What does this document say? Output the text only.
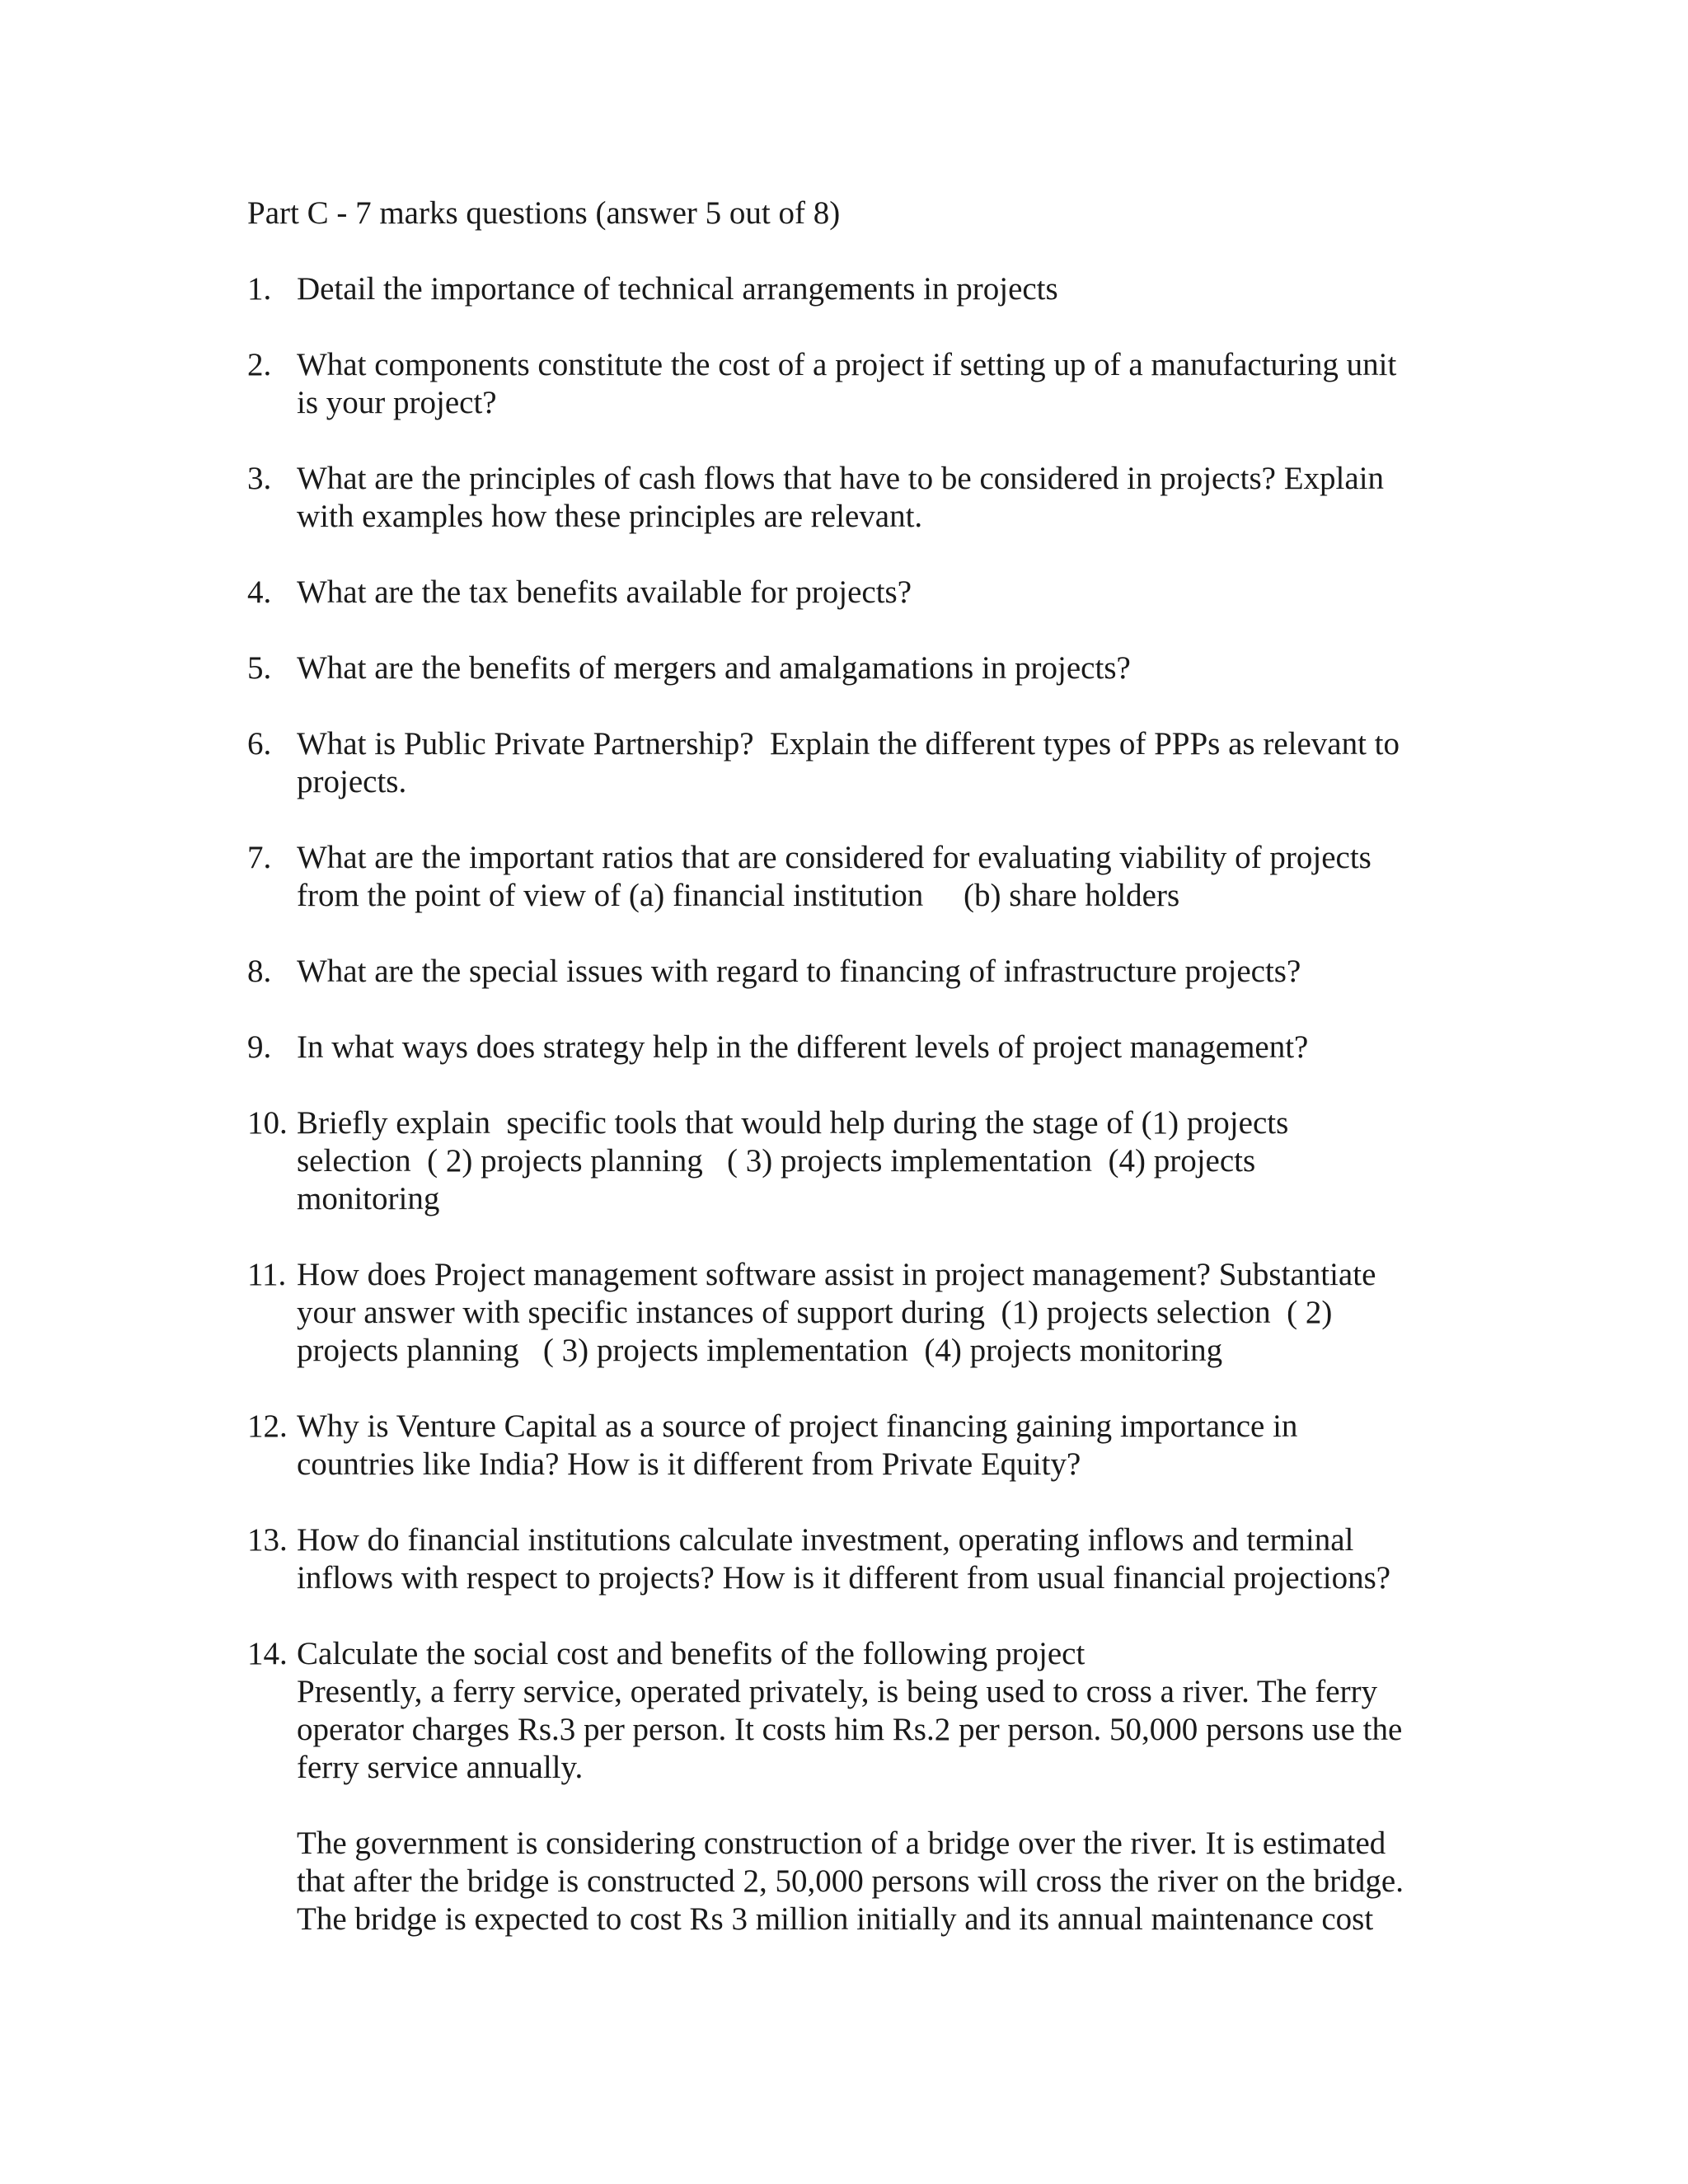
Part C - 7 marks questions (answer 5 out of 8)
1. Detail the importance of technical arrangements in projects
2. What components constitute the cost of a project if setting up of a manufacturing unit
is your project?
3. What are the principles of cash flows that have to be considered in projects? Explain
with examples how these principles are relevant.
4. What are the tax benefits available for projects?
5. What are the benefits of mergers and amalgamations in projects?
6. What is Public Private Partnership?  Explain the different types of PPPs as relevant to
projects.
7. What are the important ratios that are considered for evaluating viability of projects
from the point of view of (a) financial institution     (b) share holders
8. What are the special issues with regard to financing of infrastructure projects?
9. In what ways does strategy help in the different levels of project management?
10. Briefly explain  specific tools that would help during the stage of (1) projects
selection  ( 2) projects planning   ( 3) projects implementation  (4) projects
monitoring
11. How does Project management software assist in project management? Substantiate
your answer with specific instances of support during  (1) projects selection  ( 2)
projects planning   ( 3) projects implementation  (4) projects monitoring
12. Why is Venture Capital as a source of project financing gaining importance in
countries like India? How is it different from Private Equity?
13. How do financial institutions calculate investment, operating inflows and terminal
inflows with respect to projects? How is it different from usual financial projections?
14. Calculate the social cost and benefits of the following project
Presently, a ferry service, operated privately, is being used to cross a river. The ferry
operator charges Rs.3 per person. It costs him Rs.2 per person. 50,000 persons use the
ferry service annually.
The government is considering construction of a bridge over the river. It is estimated
that after the bridge is constructed 2, 50,000 persons will cross the river on the bridge.
The bridge is expected to cost Rs 3 million initially and its annual maintenance cost
